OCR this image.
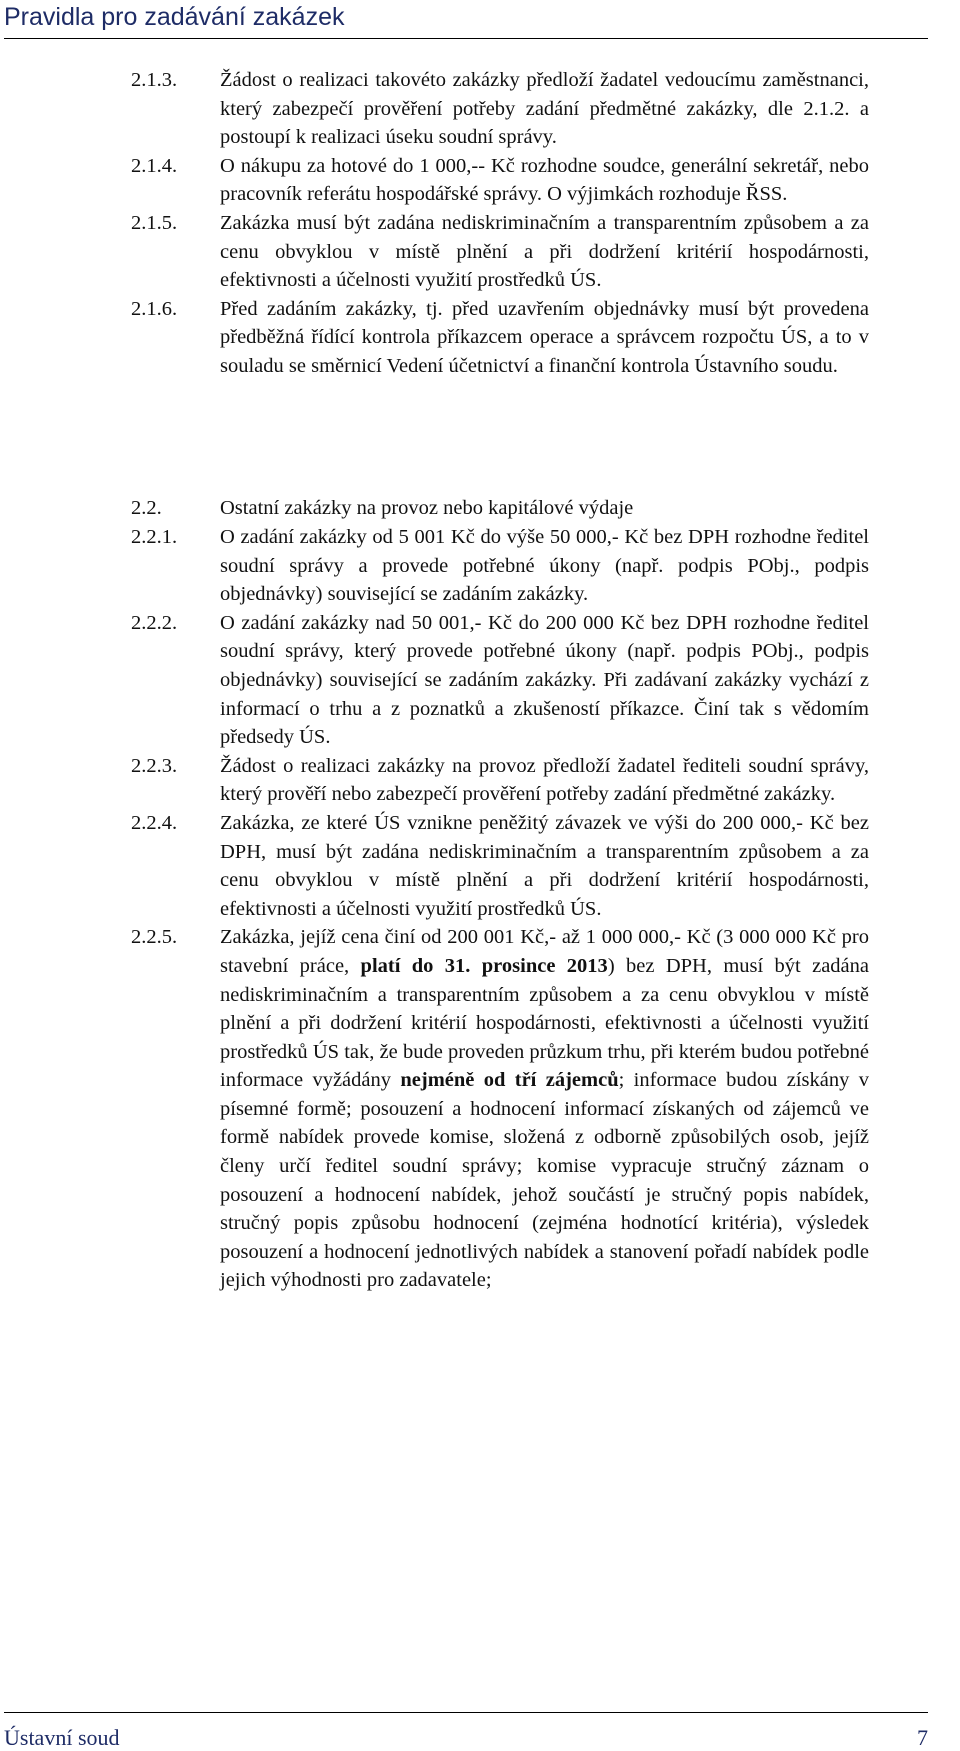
Pravidla pro zadávání zakázek
2.1.3. Žádost o realizaci takovéto zakázky předloží žadatel vedoucímu zaměstnanci, který zabezpečí prověření potřeby zadání předmětné zakázky, dle 2.1.2. a postoupí k realizaci úseku soudní správy.

2.1.4. O nákupu za hotové do 1 000,-- Kč rozhodne soudce, generální sekretář, nebo pracovník referátu hospodářské správy. O výjimkách rozhoduje ŘSS.

2.1.5. Zakázka musí být zadána nediskriminačním a transparentním způsobem a za cenu obvyklou v místě plnění a při dodržení kritérií hospodárnosti, efektivnosti a účelnosti využití prostředků ÚS.

2.1.6. Před zadáním zakázky, tj. před uzavřením objednávky musí být provedena předběžná řídící kontrola příkazcem operace a správcem rozpočtu ÚS, a to v souladu se směrnicí Vedení účetnictví a finanční kontrola Ústavního soudu.

2.2.	Ostatní zakázky na provoz nebo kapitálové výdaje
2.2.1. O zadání zakázky od 5 001 Kč do výše 50 000,- Kč bez DPH rozhodne ředitel soudní správy a provede potřebné úkony (např. podpis PObj., podpis objednávky) související se zadáním zakázky.

2.2.2. O zadání zakázky nad 50 001,- Kč do 200 000 Kč bez DPH rozhodne ředitel soudní správy, který provede potřebné úkony (např. podpis PObj., podpis objednávky) související se zadáním zakázky. Při zadávaní zakázky vychází z informací o trhu a z poznatků a zkušeností příkazce. Činí tak s vědomím předsedy ÚS.

2.2.3. Žádost o realizaci zakázky na provoz předloží žadatel řediteli soudní správy, který prověří nebo zabezpečí prověření potřeby zadání předmětné zakázky.

2.2.4. Zakázka, ze které ÚS vznikne peněžitý závazek ve výši do 200 000,- Kč bez DPH, musí být zadána nediskriminačním a transparentním způsobem a za cenu obvyklou v místě plnění a při dodržení kritérií hospodárnosti, efektivnosti a účelnosti využití prostředků ÚS.

2.2.5. Zakázka, jejíž cena činí od 200 001 Kč,- až 1 000 000,- Kč (3 000 000 Kč pro stavební práce, platí do 31. prosince 2013) bez DPH, musí být zadána nediskriminačním a transparentním způsobem a za cenu obvyklou v místě plnění a při dodržení kritérií hospodárnosti, efektivnosti a účelnosti využití prostředků ÚS tak, že bude proveden průzkum trhu, při kterém budou potřebné informace vyžádány nejméně od tří zájemců; informace budou získány v písemné formě; posouzení a hodnocení informací získaných od zájemců ve formě nabídek provede komise, složená z odborně způsobilých osob, jejíž členy určí ředitel soudní správy; komise vypracuje stručný záznam o posouzení a hodnocení nabídek, jehož součástí je stručný popis nabídek, stručný popis způsobu hodnocení (zejména hodnotící kritéria), výsledek posouzení a hodnocení jednotlivých nabídek a stanovení pořadí nabídek podle jejich výhodnosti pro zadavatele;

Ústavní soud	7
